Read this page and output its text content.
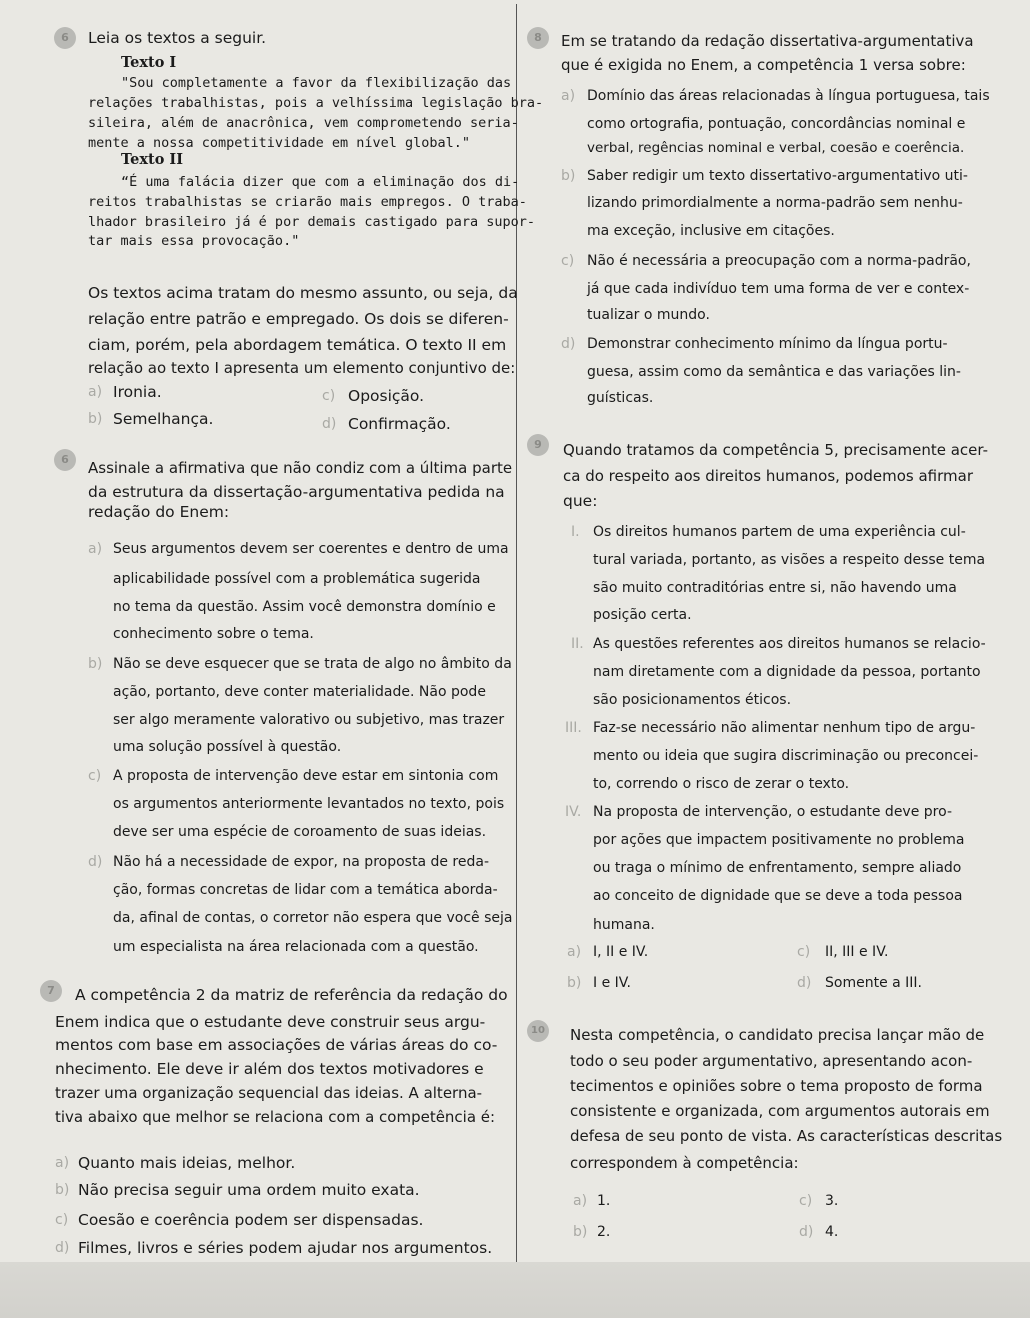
6	Leia os textos a seguir.
Texto I
"Sou completamente a favor da flexibilização das
relações trabalhistas, pois a velhíssima legislação bra-
sileira, além de anacrônica, vem comprometendo seria-
mente a nossa competitividade em nível global."
Texto II
“É uma falácia dizer que com a eliminação dos di-
reitos trabalhistas se criarão mais empregos. O traba-
lhador brasileiro já é por demais castigado para supor-
tar mais essa provocação."
Os textos acima tratam do mesmo assunto, ou seja, da
relação entre patrão e empregado. Os dois se diferen-
ciam, porém, pela abordagem temática. O texto II em
relação ao texto I apresenta um elemento conjuntivo de:
a) Ironia.	c) Oposição.
b) Semelhança.	d) Confirmação.
6	Assinale a afirmativa que não condiz com a última parte
da estrutura da dissertação-argumentativa pedida na
redação do Enem:
a) Seus argumentos devem ser coerentes e dentro de uma
aplicabilidade possível com a problemática sugerida
no tema da questão. Assim você demonstra domínio e
conhecimento sobre o tema.
b) Não se deve esquecer que se trata de algo no âmbito da
ação, portanto, deve conter materialidade. Não pode
ser algo meramente valorativo ou subjetivo, mas trazer
uma solução possível à questão.
c) A proposta de intervenção deve estar em sintonia com
os argumentos anteriormente levantados no texto, pois
deve ser uma espécie de coroamento de suas ideias.
d) Não há a necessidade de expor, na proposta de reda-
ção, formas concretas de lidar com a temática aborda-
da, afinal de contas, o corretor não espera que você seja
um especialista na área relacionada com a questão.
7	A competência 2 da matriz de referência da redação do
Enem indica que o estudante deve construir seus argu-
mentos com base em associações de várias áreas do co-
nhecimento. Ele deve ir além dos textos motivadores e
trazer uma organização sequencial das ideias. A alterna-
tiva abaixo que melhor se relaciona com a competência é:
a) Quanto mais ideias, melhor.
b) Não precisa seguir uma ordem muito exata.
c) Coesão e coerência podem ser dispensadas.
d) Filmes, livros e séries podem ajudar nos argumentos.
8	Em se tratando da redação dissertativa-argumentativa
que é exigida no Enem, a competência 1 versa sobre:
a) Domínio das áreas relacionadas à língua portuguesa, tais
como ortografia, pontuação, concordâncias nominal e
verbal, regências nominal e verbal, coesão e coerência.
b) Saber redigir um texto dissertativo-argumentativo uti-
lizando primordialmente a norma-padrão sem nenhu-
ma exceção, inclusive em citações.
c) Não é necessária a preocupação com a norma-padrão,
já que cada indivíduo tem uma forma de ver e contex-
tualizar o mundo.
d) Demonstrar conhecimento mínimo da língua portu-
guesa, assim como da semântica e das variações lin-
guísticas.
9	Quando tratamos da competência 5, precisamente acer-
ca do respeito aos direitos humanos, podemos afirmar
que:
I. Os direitos humanos partem de uma experiência cul-
tural variada, portanto, as visões a respeito desse tema
são muito contraditórias entre si, não havendo uma
posição certa.
II. As questões referentes aos direitos humanos se relacio-
nam diretamente com a dignidade da pessoa, portanto
são posicionamentos éticos.
III. Faz-se necessário não alimentar nenhum tipo de argu-
mento ou ideia que sugira discriminação ou preconcei-
to, correndo o risco de zerar o texto.
IV. Na proposta de intervenção, o estudante deve pro-
por ações que impactem positivamente no problema
ou traga o mínimo de enfrentamento, sempre aliado
ao conceito de dignidade que se deve a toda pessoa
humana.
a) I, II e IV.	c) II, III e IV.
b) I e IV.	d) Somente a III.
10 Nesta competência, o candidato precisa lançar mão de
todo o seu poder argumentativo, apresentando acon-
tecimentos e opiniões sobre o tema proposto de forma
consistente e organizada, com argumentos autorais em
defesa de seu ponto de vista. As características descritas
correspondem à competência:
a) 1.	c) 3.
b) 2.	d) 4.
